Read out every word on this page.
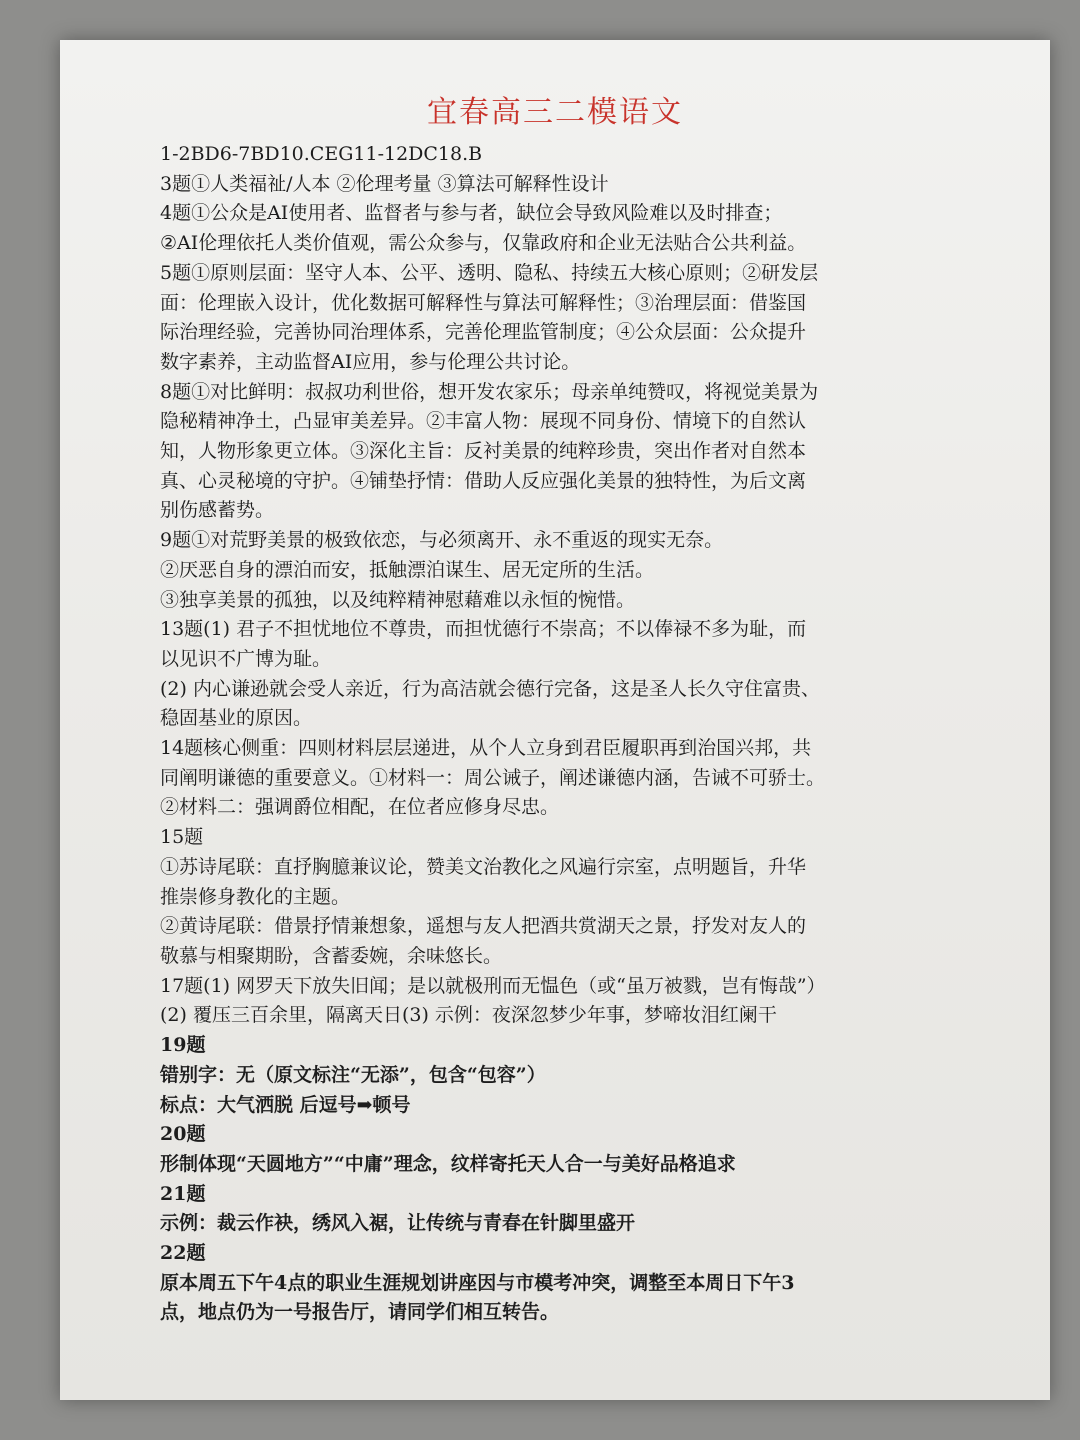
宜春高三二模语文

1-2BD6-7BD10.CEG11-12DC18.B

3题①人类福祉/人本 ②伦理考量 ③算法可解释性设计

4题①公众是AI使用者、监督者与参与者，缺位会导致风险难以及时排查；

②AI伦理依托人类价值观，需公众参与，仅靠政府和企业无法贴合公共利益。

5题①原则层面：坚守人本、公平、透明、隐私、持续五大核心原则；②研发层

面：伦理嵌入设计，优化数据可解释性与算法可解释性；③治理层面：借鉴国

际治理经验，完善协同治理体系，完善伦理监管制度；④公众层面：公众提升

数字素养，主动监督AI应用，参与伦理公共讨论。

8题①对比鲜明：叔叔功利世俗，想开发农家乐；母亲单纯赞叹，将视觉美景为

隐秘精神净土，凸显审美差异。②丰富人物：展现不同身份、情境下的自然认

知，人物形象更立体。③深化主旨：反衬美景的纯粹珍贵，突出作者对自然本

真、心灵秘境的守护。④铺垫抒情：借助人反应强化美景的独特性，为后文离

别伤感蓄势。

9题①对荒野美景的极致依恋，与必须离开、永不重返的现实无奈。

②厌恶自身的漂泊而安，抵触漂泊谋生、居无定所的生活。

③独享美景的孤独，以及纯粹精神慰藉难以永恒的惋惜。

13题(1) 君子不担忧地位不尊贵，而担忧德行不崇高；不以俸禄不多为耻，而

以见识不广博为耻。

(2) 内心谦逊就会受人亲近，行为高洁就会德行完备，这是圣人长久守住富贵、

稳固基业的原因。

14题核心侧重：四则材料层层递进，从个人立身到君臣履职再到治国兴邦，共

同阐明谦德的重要意义。①材料一：周公诫子，阐述谦德内涵，告诫不可骄士。

②材料二：强调爵位相配，在位者应修身尽忠。

15题

①苏诗尾联：直抒胸臆兼议论，赞美文治教化之风遍行宗室，点明题旨，升华

推崇修身教化的主题。

②黄诗尾联：借景抒情兼想象，遥想与友人把酒共赏湖天之景，抒发对友人的

敬慕与相聚期盼，含蓄委婉，余味悠长。

17题(1) 网罗天下放失旧闻；是以就极刑而无愠色（或“虽万被戮，岂有悔哉”）

(2) 覆压三百余里，隔离天日(3) 示例：夜深忽梦少年事，梦啼妆泪红阑干

19题

错别字：无（原文标注“无添”，包含“包容”）

标点：大气洒脱 后逗号➡顿号

20题

形制体现“天圆地方”“中庸”理念，纹样寄托天人合一与美好品格追求

21题

示例：裁云作袂，绣风入裾，让传统与青春在针脚里盛开

22题

原本周五下午4点的职业生涯规划讲座因与市模考冲突，调整至本周日下午3

点，地点仍为一号报告厅，请同学们相互转告。
